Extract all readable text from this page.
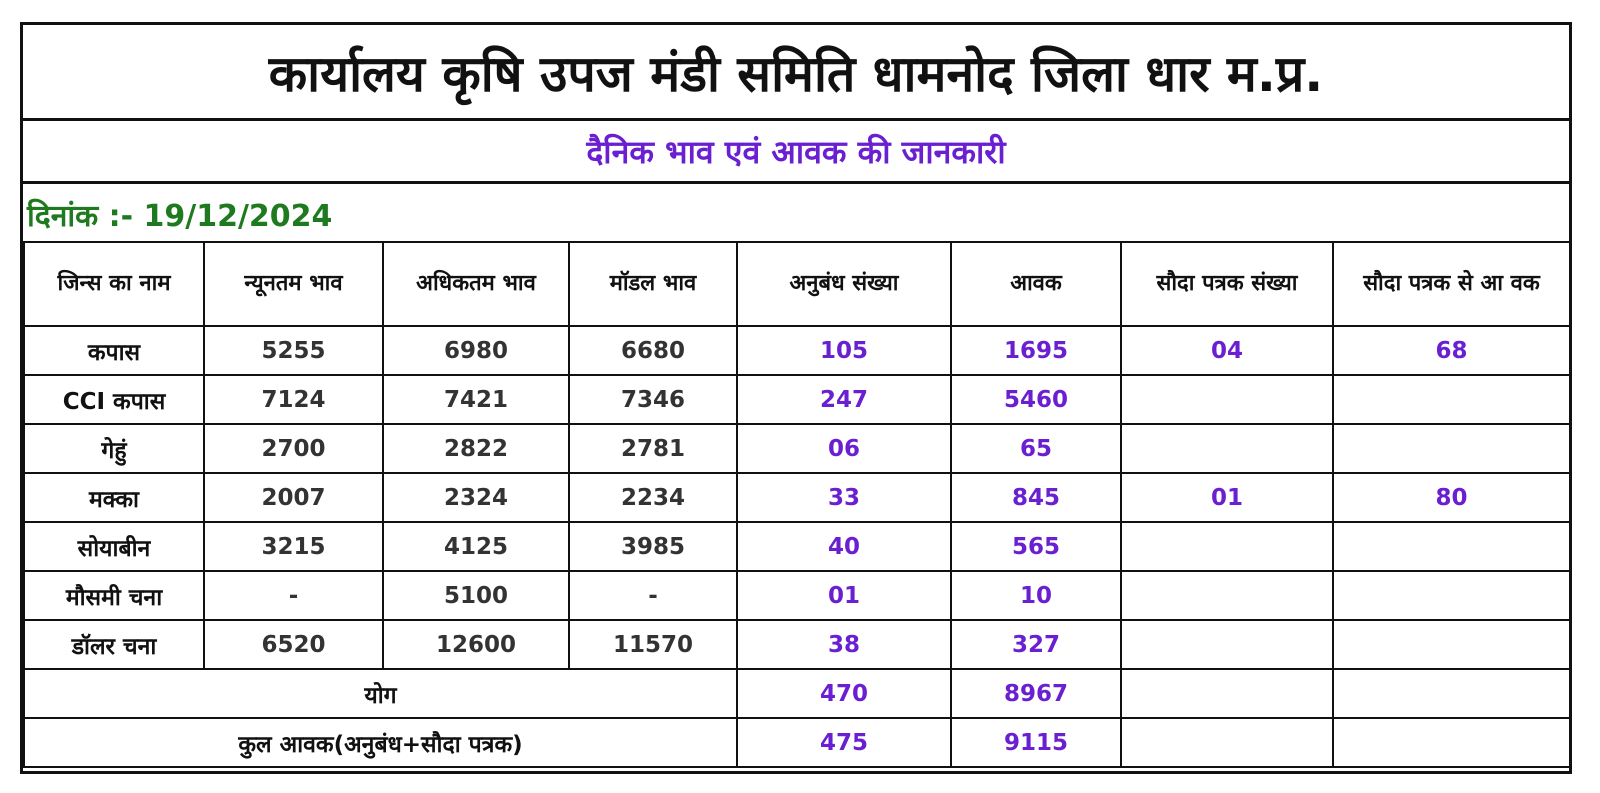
कार्यालय कृषि उपज मंडी समिति धामनोद जिला धार म.प्र.
दैनिक भाव एवं आवक की जानकारी
दिनांक :- 19/12/2024
जिन्स का नाम	न्यूनतम भाव	अधिकतम भाव	मॉडल भाव	अनुबंध संख्या	आवक	सौदा पत्रक संख्या	सौदा पत्रक से आ वक
कपास	5255	6980	6680	105	1695	04	68
CCI कपास	7124	7421	7346	247	5460		
गेहुं	2700	2822	2781	06	65		
मक्का	2007	2324	2234	33	845	01	80
सोयाबीन	3215	4125	3985	40	565		
मौसमी चना	-	5100	-	01	10		
डॉलर चना	6520	12600	11570	38	327		
योग				470	8967		
कुल आवक(अनुबंध+सौदा पत्रक)				475	9115		
